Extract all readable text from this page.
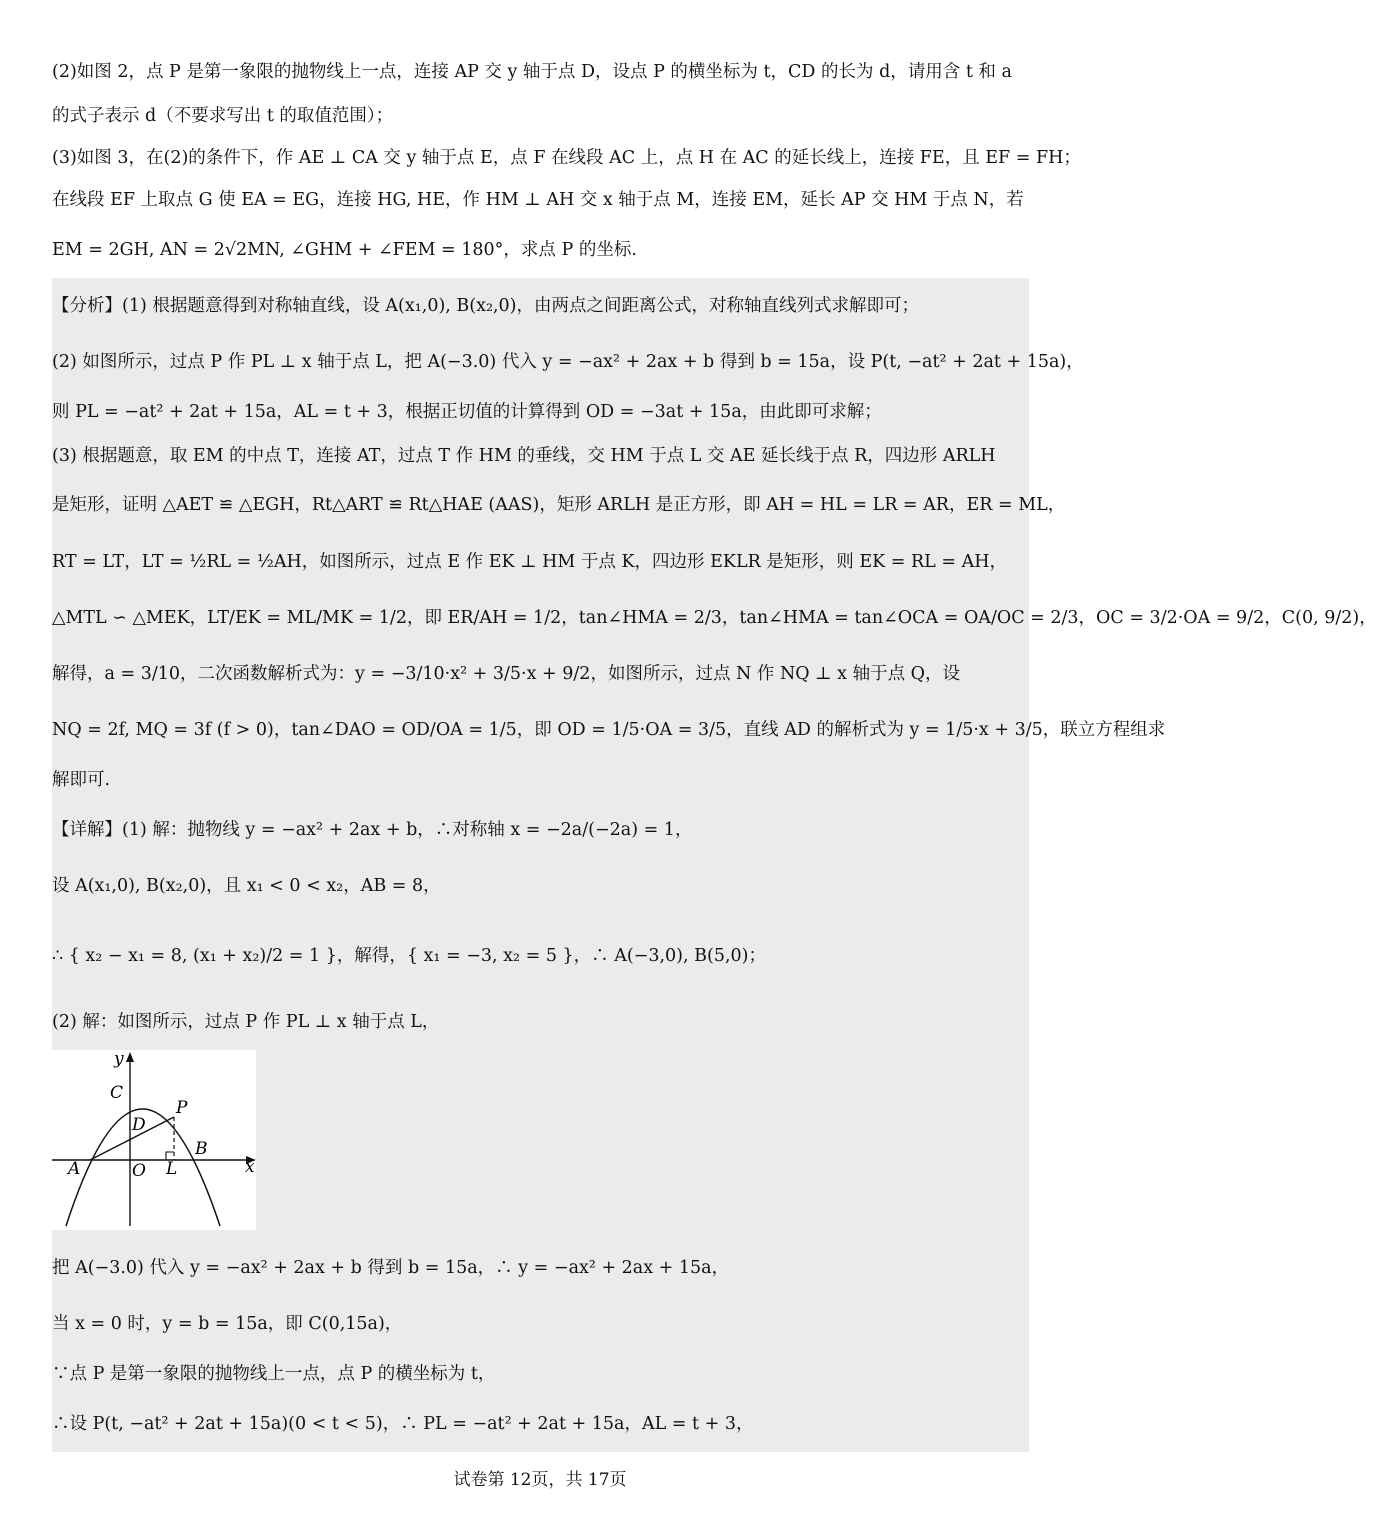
(2)如图 2，点 P 是第一象限的抛物线上一点，连接 AP 交 y 轴于点 D，设点 P 的横坐标为 t，CD 的长为 d，请用含 t 和 a
的式子表示 d（不要求写出 t 的取值范围）；
(3)如图 3，在(2)的条件下，作 AE ⊥ CA 交 y 轴于点 E，点 F 在线段 AC 上，点 H 在 AC 的延长线上，连接 FE，且 EF = FH；
在线段 EF 上取点 G 使 EA = EG，连接 HG, HE，作 HM ⊥ AH 交 x 轴于点 M，连接 EM，延长 AP 交 HM 于点 N，若
EM = 2GH, AN = 2√2MN, ∠GHM + ∠FEM = 180°，求点 P 的坐标.
【分析】(1) 根据题意得到对称轴直线，设 A(x₁,0), B(x₂,0)，由两点之间距离公式，对称轴直线列式求解即可；
(2) 如图所示，过点 P 作 PL ⊥ x 轴于点 L，把 A(−3.0) 代入 y = −ax² + 2ax + b 得到 b = 15a，设 P(t, −at² + 2at + 15a)，
则 PL = −at² + 2at + 15a，AL = t + 3，根据正切值的计算得到 OD = −3at + 15a，由此即可求解；
(3) 根据题意，取 EM 的中点 T，连接 AT，过点 T 作 HM 的垂线，交 HM 于点 L 交 AE 延长线于点 R，四边形 ARLH
是矩形，证明 △AET ≌ △EGH，Rt△ART ≌ Rt△HAE (AAS)，矩形 ARLH 是正方形，即 AH = HL = LR = AR，ER = ML，
RT = LT，LT = ½RL = ½AH，如图所示，过点 E 作 EK ⊥ HM 于点 K，四边形 EKLR 是矩形，则 EK = RL = AH，
△MTL ∽ △MEK，LT/EK = ML/MK = 1/2，即 ER/AH = 1/2，tan∠HMA = 2/3，tan∠HMA = tan∠OCA = OA/OC = 2/3，OC = 3/2·OA = 9/2，C(0, 9/2)，
解得，a = 3/10，二次函数解析式为：y = −3/10·x² + 3/5·x + 9/2，如图所示，过点 N 作 NQ ⊥ x 轴于点 Q，设
NQ = 2f, MQ = 3f (f > 0)，tan∠DAO = OD/OA = 1/5，即 OD = 1/5·OA = 3/5，直线 AD 的解析式为 y = 1/5·x + 3/5，联立方程组求
解即可.
【详解】(1) 解：抛物线 y = −ax² + 2ax + b，∴对称轴 x = −2a/(−2a) = 1，
设 A(x₁,0), B(x₂,0)，且 x₁ < 0 < x₂，AB = 8，
∴ { x₂ − x₁ = 8, (x₁ + x₂)/2 = 1 }，解得，{ x₁ = −3, x₂ = 5 }，∴ A(−3,0), B(5,0)；
(2) 解：如图所示，过点 P 作 PL ⊥ x 轴于点 L，
y
x
C
D
P
B
A	O L
把 A(−3.0) 代入 y = −ax² + 2ax + b 得到 b = 15a，∴ y = −ax² + 2ax + 15a，
当 x = 0 时，y = b = 15a，即 C(0,15a)，
∵点 P 是第一象限的抛物线上一点，点 P 的横坐标为 t，
∴设 P(t, −at² + 2at + 15a)(0 < t < 5)，∴ PL = −at² + 2at + 15a，AL = t + 3，
试卷第 12页，共 17页
